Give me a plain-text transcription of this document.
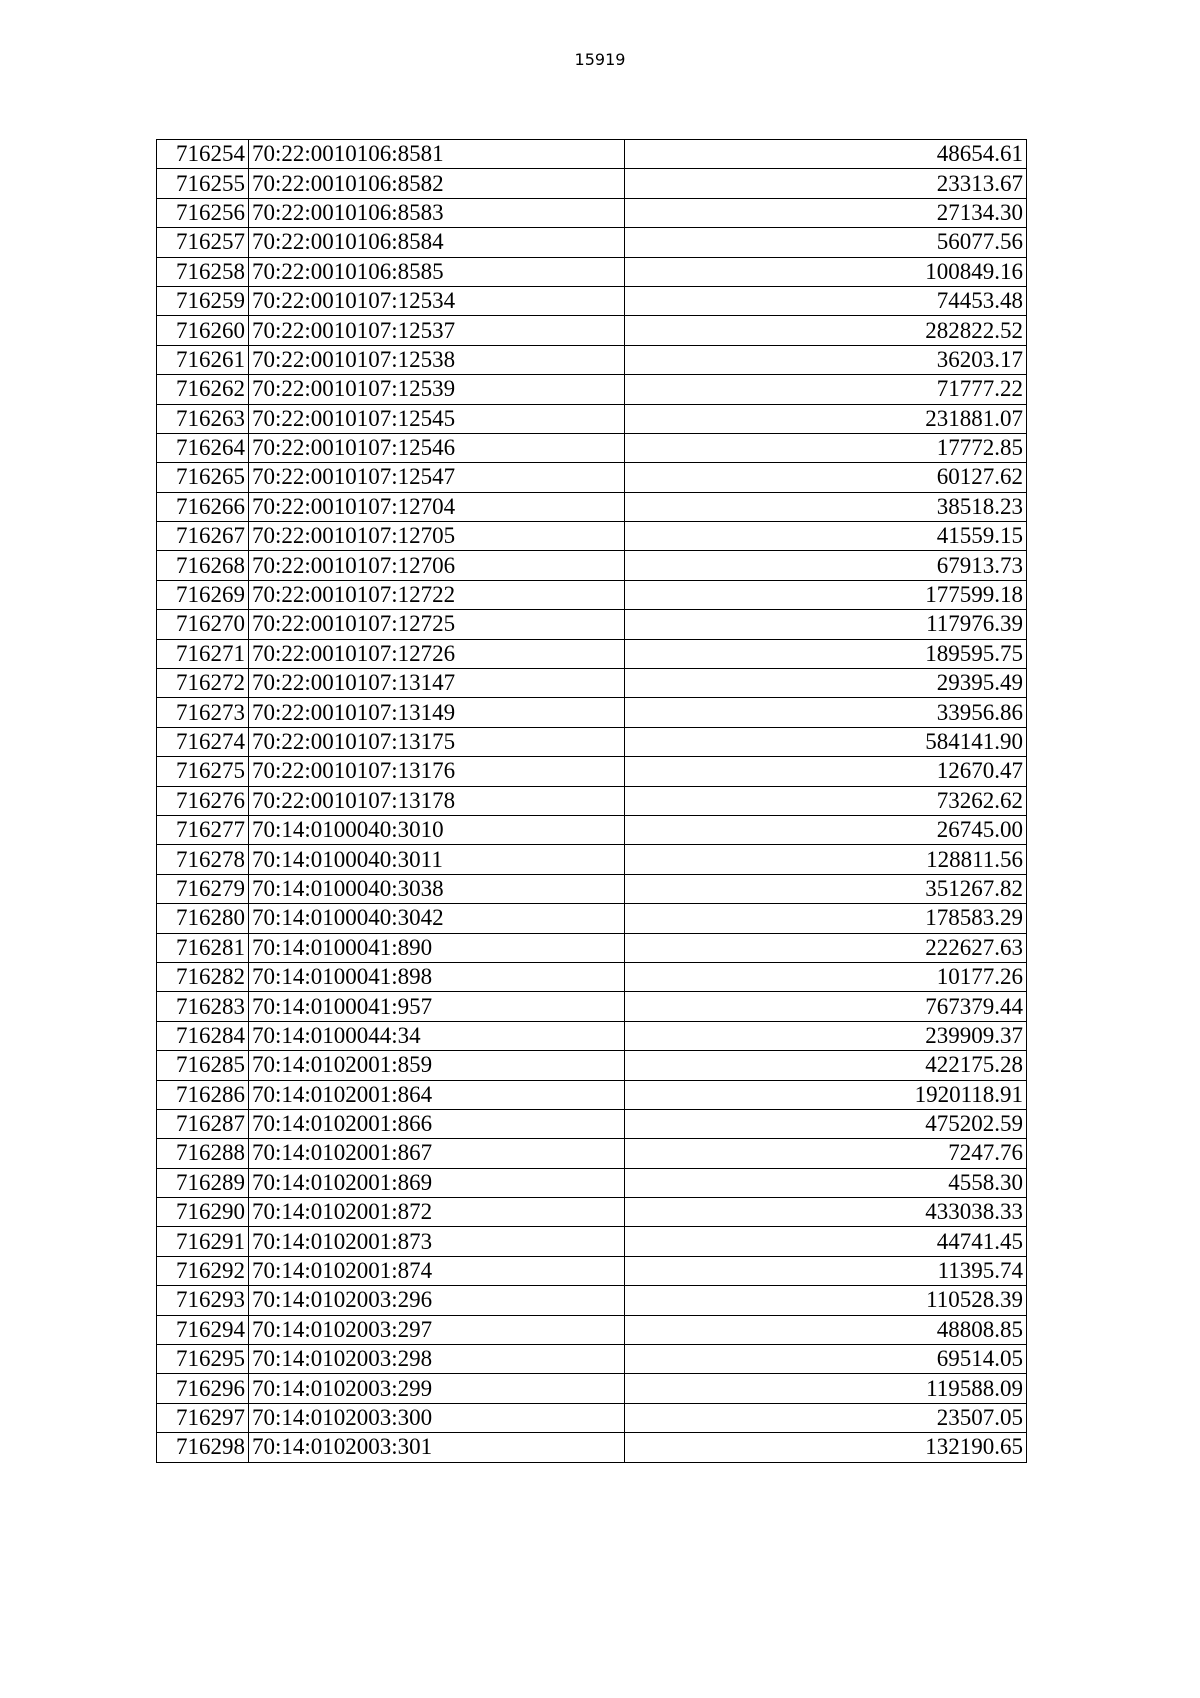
15919
716254	70:22:0010106:8581	48654.61
716255	70:22:0010106:8582	23313.67
716256	70:22:0010106:8583	27134.30
716257	70:22:0010106:8584	56077.56
716258	70:22:0010106:8585	100849.16
716259	70:22:0010107:12534	74453.48
716260	70:22:0010107:12537	282822.52
716261	70:22:0010107:12538	36203.17
716262	70:22:0010107:12539	71777.22
716263	70:22:0010107:12545	231881.07
716264	70:22:0010107:12546	17772.85
716265	70:22:0010107:12547	60127.62
716266	70:22:0010107:12704	38518.23
716267	70:22:0010107:12705	41559.15
716268	70:22:0010107:12706	67913.73
716269	70:22:0010107:12722	177599.18
716270	70:22:0010107:12725	117976.39
716271	70:22:0010107:12726	189595.75
716272	70:22:0010107:13147	29395.49
716273	70:22:0010107:13149	33956.86
716274	70:22:0010107:13175	584141.90
716275	70:22:0010107:13176	12670.47
716276	70:22:0010107:13178	73262.62
716277	70:14:0100040:3010	26745.00
716278	70:14:0100040:3011	128811.56
716279	70:14:0100040:3038	351267.82
716280	70:14:0100040:3042	178583.29
716281	70:14:0100041:890	222627.63
716282	70:14:0100041:898	10177.26
716283	70:14:0100041:957	767379.44
716284	70:14:0100044:34	239909.37
716285	70:14:0102001:859	422175.28
716286	70:14:0102001:864	1920118.91
716287	70:14:0102001:866	475202.59
716288	70:14:0102001:867	7247.76
716289	70:14:0102001:869	4558.30
716290	70:14:0102001:872	433038.33
716291	70:14:0102001:873	44741.45
716292	70:14:0102001:874	11395.74
716293	70:14:0102003:296	110528.39
716294	70:14:0102003:297	48808.85
716295	70:14:0102003:298	69514.05
716296	70:14:0102003:299	119588.09
716297	70:14:0102003:300	23507.05
716298	70:14:0102003:301	132190.65
